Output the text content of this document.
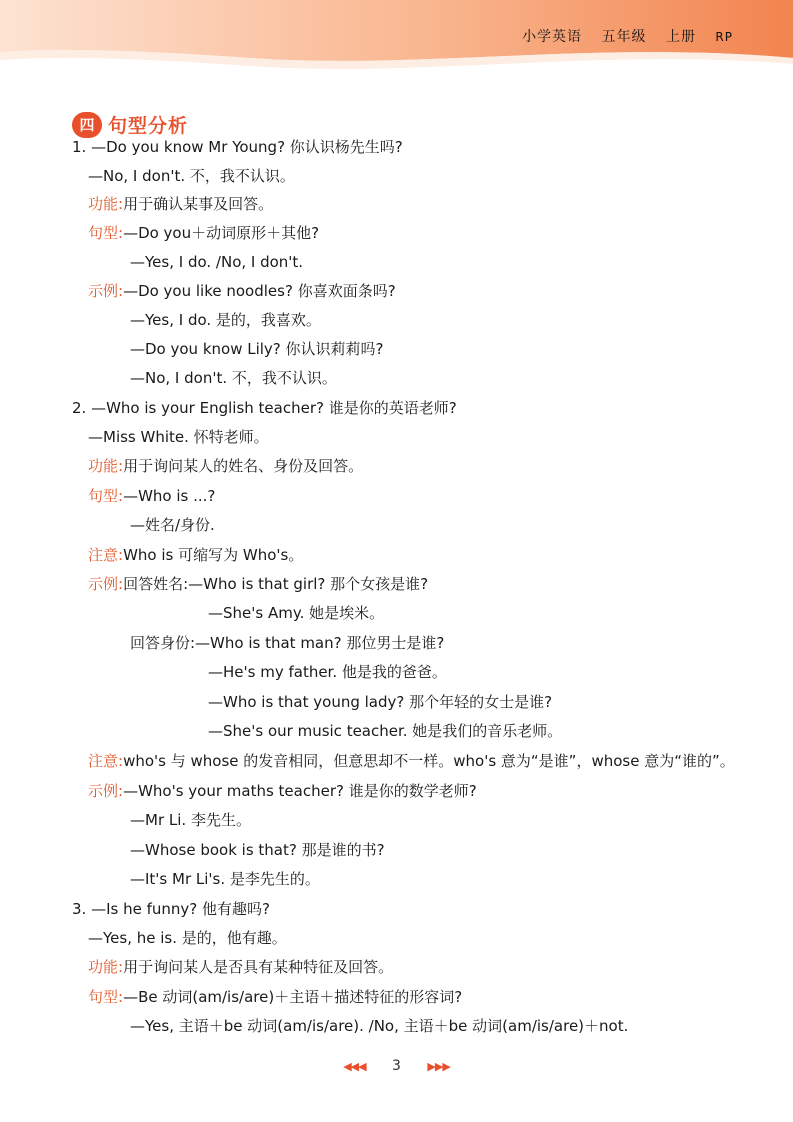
小学英语 五年级 上册 RP
四 句型分析
1. —Do you know Mr Young? 你认识杨先生吗?
—No, I don't. 不，我不认识。
功能:用于确认某事及回答。
句型:—Do you＋动词原形＋其他?
—Yes, I do. /No, I don't.
示例:—Do you like noodles? 你喜欢面条吗?
—Yes, I do. 是的，我喜欢。
—Do you know Lily? 你认识莉莉吗?
—No, I don't. 不，我不认识。
2. —Who is your English teacher? 谁是你的英语老师?
—Miss White. 怀特老师。
功能:用于询问某人的姓名、身份及回答。
句型:—Who is ...?
—姓名/身份.
注意:Who is 可缩写为 Who's。
示例:回答姓名:—Who is that girl? 那个女孩是谁?
—She's Amy. 她是埃米。
回答身份:—Who is that man? 那位男士是谁?
—He's my father. 他是我的爸爸。
—Who is that young lady? 那个年轻的女士是谁?
—She's our music teacher. 她是我们的音乐老师。
注意:who's 与 whose 的发音相同，但意思却不一样。who's 意为“是谁”，whose 意为“谁的”。
示例:—Who's your maths teacher? 谁是你的数学老师?
—Mr Li. 李先生。
—Whose book is that? 那是谁的书?
—It's Mr Li's. 是李先生的。
3. —Is he funny? 他有趣吗?
—Yes, he is. 是的，他有趣。
功能:用于询问某人是否具有某种特征及回答。
句型:—Be 动词(am/is/are)＋主语＋描述特征的形容词?
—Yes, 主语＋be 动词(am/is/are). /No, 主语＋be 动词(am/is/are)＋not.
◀◀◀ 3 ▶▶▶
